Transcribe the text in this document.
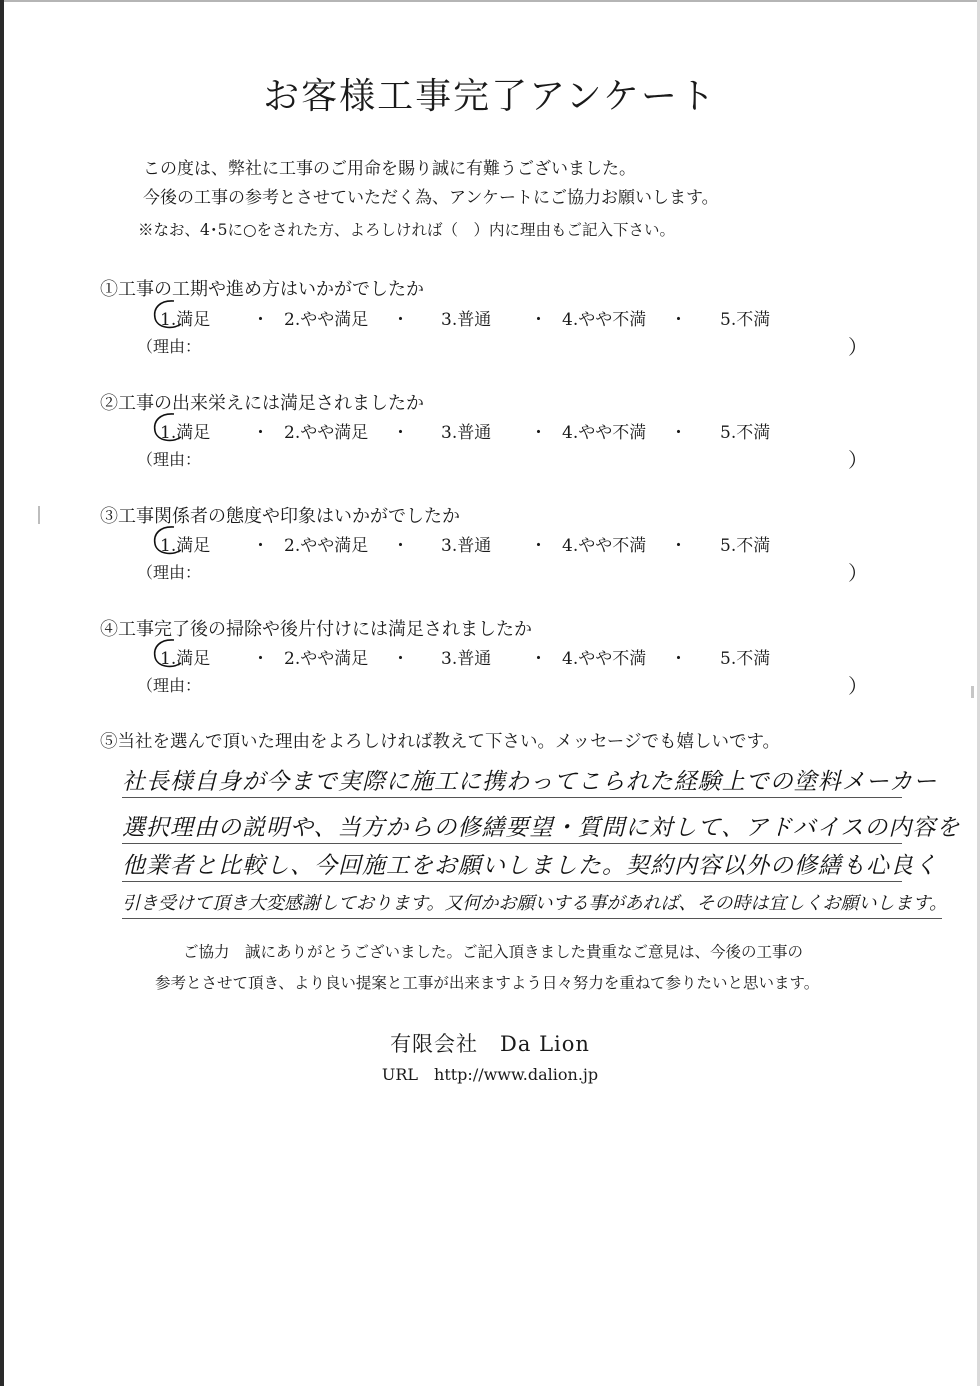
お客様工事完了アンケート
この度は、弊社に工事のご用命を賜り誠に有難うございました。
今後の工事の参考とさせていただく為、アンケートにご協力お願いします。
※なお、4･5に○をされた方、よろしければ（　）内に理由もご記入下さい。
①工事の工期や進め方はいかがでしたか
1.満足 ・ 2.やや満足 ・ 3.普通 ・ 4.やや不満 ・ 5.不満
（理由：	）
②工事の出来栄えには満足されましたか
1.満足 ・ 2.やや満足 ・ 3.普通 ・ 4.やや不満 ・ 5.不満
（理由：	）
③工事関係者の態度や印象はいかがでしたか
1.満足 ・ 2.やや満足 ・ 3.普通 ・ 4.やや不満 ・ 5.不満
（理由：	）
④工事完了後の掃除や後片付けには満足されましたか
1.満足 ・ 2.やや満足 ・ 3.普通 ・ 4.やや不満 ・ 5.不満
（理由：	）
⑤当社を選んで頂いた理由をよろしければ教えて下さい。メッセージでも嬉しいです。
社長様自身が今まで実際に施工に携わってこられた経験上での塗料メーカー
選択理由の説明や、当方からの修繕要望・質問に対して、アドバイスの内容を
他業者と比較し、今回施工をお願いしました。契約内容以外の修繕も心良く
引き受けて頂き大変感謝しております。又何かお願いする事があれば、その時は宜しくお願いします。
ご協力　誠にありがとうございました。ご記入頂きました貴重なご意見は、今後の工事の
参考とさせて頂き、より良い提案と工事が出来ますよう日々努力を重ねて参りたいと思います。
有限会社　Da Lion
URL　http://www.dalion.jp
